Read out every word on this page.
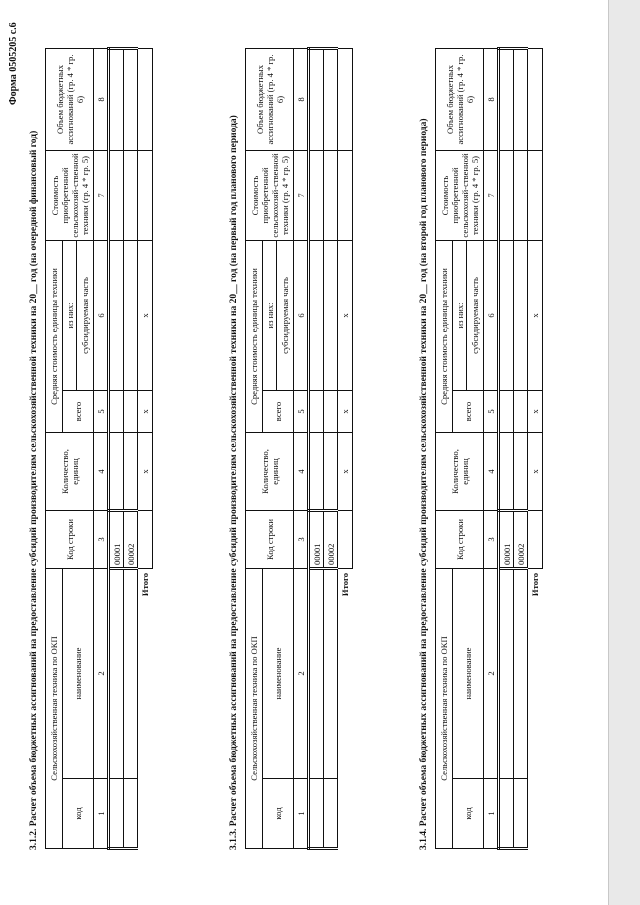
Форма 0505205 с.6
3.1.2. Расчет объема бюджетных ассигнований на предоставление субсидий производителям сельскохозяйственной техники на 20__ год (на очередной финансовый год) Сельскохозяйственная техника по ОКП		Код строки	Количество, единиц	Средняя стоимость единицы техники		Стоимость приобретенной сельскохозяй-ственной техники (гр. 4 * гр. 5)	Объем бюджетных ассигнований (гр. 4 * гр. 6)
код	наименование			всего	из них:		
					субсидируемая часть		
1	2	3	4	5	6	7	8
		00001					
		00002					
	Итого		x	x	x			3.1.3. Расчет объема бюджетных ассигнований на предоставление субсидий производителям сельскохозяйственной техники на 20__ год (на первый год планового периода) Сельскохозяйственная техника по ОКП		Код строки	Количество, единиц	Средняя стоимость единицы техники		Стоимость приобретенной сельскохозяй-ственной техники (гр. 4 * гр. 5)	Объем бюджетных ассигнований (гр. 4 * гр. 6)
код	наименование			всего	из них:		
					субсидируемая часть		
1	2	3	4	5	6	7	8
		00001					
		00002					
	Итого		x	x	x			3.1.4. Расчет объема бюджетных ассигнований на предоставление субсидий производителям сельскохозяйственной техники на 20__ год (на второй год планового периода) Сельскохозяйственная техника по ОКП		Код строки	Количество, единиц	Средняя стоимость единицы техники		Стоимость приобретенной сельскохозяй-ственной техники (гр. 4 * гр. 5)	Объем бюджетных ассигнований (гр. 4 * гр. 6)
код	наименование			всего	из них:		
					субсидируемая часть		
1	2	3	4	5	6	7	8
		00001					
		00002					
	Итого		x	x	x		
